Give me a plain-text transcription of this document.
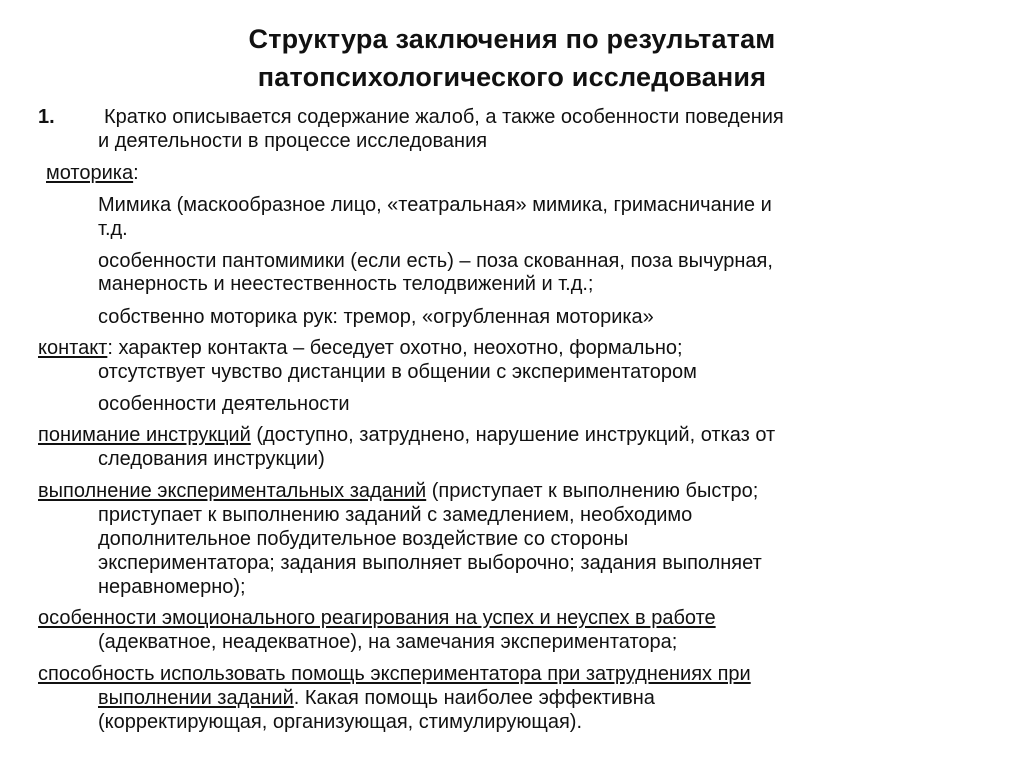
Структура заключения по результатам
патопсихологического исследования
1. Кратко описывается содержание жалоб, а также особенности поведения
и деятельности в процессе исследования
моторика:
Мимика (маскообразное лицо, «театральная» мимика, гримасничание и
т.д.
особенности пантомимики (если есть) – поза скованная, поза вычурная,
манерность и неестественность телодвижений и т.д.;
собственно моторика рук: тремор, «огрубленная моторика»
контакт: характер контакта – беседует охотно, неохотно, формально;
отсутствует чувство дистанции в общении с экспериментатором
особенности деятельности
понимание инструкций (доступно, затруднено, нарушение инструкций, отказ от
следования инструкции)
выполнение экспериментальных заданий (приступает к выполнению быстро;
приступает к выполнению заданий с замедлением, необходимо
дополнительное побудительное воздействие со стороны
экспериментатора; задания выполняет выборочно; задания выполняет
неравномерно);
особенности эмоционального реагирования на успех и неуспех в работе
(адекватное, неадекватное), на замечания экспериментатора;
способность использовать помощь экспериментатора при затруднениях при
выполнении заданий. Какая помощь наиболее эффективна
(корректирующая, организующая, стимулирующая).
